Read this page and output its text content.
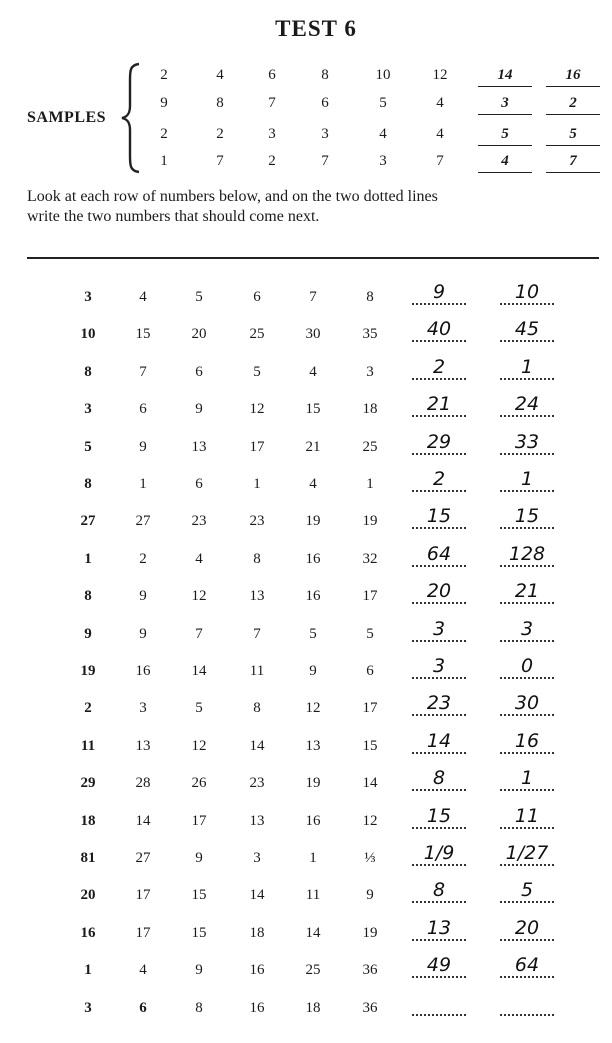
TEST 6
SAMPLES
2	4	6	8	10	12	14	16
9	8	7	6	5	4	3	2
2	2	3	3	4	4	5	5
1	7	2	7	3	7	4	7
Look at each row of numbers below, and on the two dotted lines
write the two numbers that should come next.
3	4	5	6	7	8	9	10
10	15	20	25	30	35	40	45
8	7	6	5	4	3	2	1
3	6	9	12	15	18	21	24
5	9	13	17	21	25	29	33
8	1	6	1	4	1	2	1
27	27	23	23	19	19	15	15
1	2	4	8	16	32	64	128
8	9	12	13	16	17	20	21
9	9	7	7	5	5	3	3
19	16	14	11	9	6	3	0
2	3	5	8	12	17	23	30
11	13	12	14	13	15	14	16
29	28	26	23	19	14	8	1
18	14	17	13	16	12	15	11
81	27	9	3	1	⅓	1/9	1/27
20	17	15	14	11	9	8	5
16	17	15	18	14	19	13	20
1	4	9	16	25	36	49	64
3	6	8	16	18	36
